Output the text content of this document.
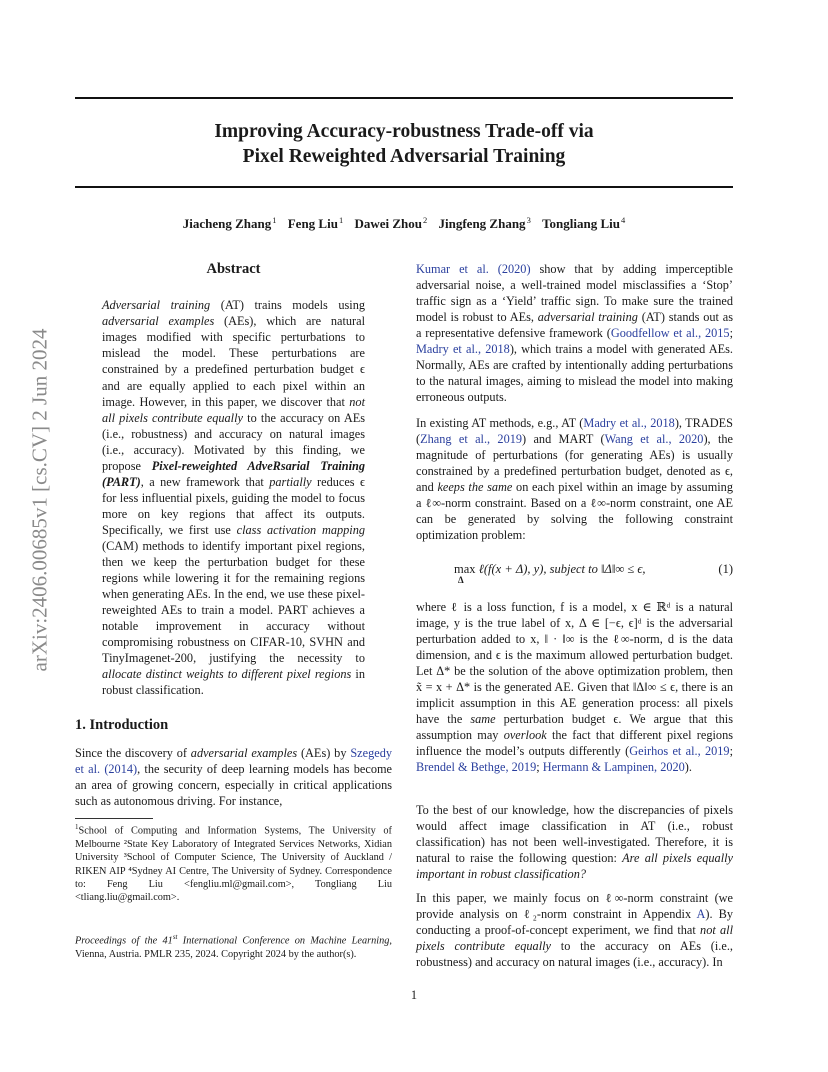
arXiv:2406.00685v1 [cs.CV] 2 Jun 2024
Improving Accuracy-robustness Trade-off via
Pixel Reweighted Adversarial Training
Jiacheng Zhang$^1$ Feng Liu$^1$ Dawei Zhou$^2$ Jingfeng Zhang$^3$ Tongliang Liu$^4$
Abstract

Adversarial training (AT) trains models using adversarial examples (AEs), which are natural images modified with specific perturbations to mislead the model. These perturbations are constrained by a predefined perturbation budget ϵ and are equally applied to each pixel within an image. However, in this paper, we discover that not all pixels contribute equally to the accuracy on AEs (i.e., robustness) and accuracy on natural images (i.e., accuracy). Motivated by this finding, we propose Pixel-reweighted AdveRsarial Training (PART), a new framework that partially reduces ϵ for less influential pixels, guiding the model to focus more on key regions that affect its outputs. Specifically, we first use class activation mapping (CAM) methods to identify important pixel regions, then we keep the perturbation budget for these regions while lowering it for the remaining regions when generating AEs. In the end, we use these pixel-reweighted AEs to train a model. PART achieves a notable improvement in accuracy without compromising robustness on CIFAR-10, SVHN and TinyImagenet-200, justifying the necessity to allocate distinct weights to different pixel regions in robust classification.

1. Introduction

Since the discovery of adversarial examples (AEs) by Szegedy et al. (2014), the security of deep learning models has become an area of growing concern, especially in critical applications such as autonomous driving. For instance,

$^1$School of Computing and Information Systems, The University of Melbourne ²State Key Laboratory of Integrated Services Networks, Xidian University ³School of Computer Science, The University of Auckland / RIKEN AIP ⁴Sydney AI Centre, The University of Sydney. Correspondence to: Feng Liu <fengliu.ml@gmail.com>, Tongliang Liu <tliang.liu@gmail.com>.
Proceedings of the 41st International Conference on Machine Learning, Vienna, Austria. PMLR 235, 2024. Copyright 2024 by the author(s).

Kumar et al. (2020) show that by adding imperceptible adversarial noise, a well-trained model misclassifies a ‘Stop’ traffic sign as a ‘Yield’ traffic sign. To make sure the trained model is robust to AEs, adversarial training (AT) stands out as a representative defensive framework (Goodfellow et al., 2015; Madry et al., 2018), which trains a model with generated AEs. Normally, AEs are crafted by intentionally adding perturbations to the natural images, aiming to mislead the model into making erroneous outputs.

In existing AT methods, e.g., AT (Madry et al., 2018), TRADES (Zhang et al., 2019) and MART (Wang et al., 2020), the magnitude of perturbations (for generating AEs) is usually constrained by a predefined perturbation budget, denoted as ϵ, and keeps the same on each pixel within an image by assuming a ℓ∞-norm constraint. Based on a ℓ∞-norm constraint, one AE can be generated by solving the following constraint optimization problem:

max
Δ
ℓ(f(x + Δ), y), subject to ‖Δ‖∞ ≤ ϵ,	(1)

where ℓ is a loss function, f is a model, x ∈ ℝᵈ is a natural image, y is the true label of x, Δ ∈ [−ϵ, ϵ]ᵈ is the adversarial perturbation added to x, ‖ · ‖∞ is the ℓ∞-norm, d is the data dimension, and ϵ is the maximum allowed perturbation budget. Let Δ* be the solution of the above optimization problem, then x̃ = x + Δ* is the generated AE. Given that ‖Δ‖∞ ≤ ϵ, there is an implicit assumption in this AE generation process: all pixels have the same perturbation budget ϵ. We argue that this assumption may overlook the fact that different pixel regions influence the model’s outputs differently (Geirhos et al., 2019; Brendel & Bethge, 2019; Hermann & Lampinen, 2020).

To the best of our knowledge, how the discrepancies of pixels would affect image classification in AT (i.e., robust classification) has not been well-investigated. Therefore, it is natural to raise the following question: Are all pixels equally important in robust classification?

In this paper, we mainly focus on ℓ∞-norm constraint (we provide analysis on ℓ₂-norm constraint in Appendix A). By conducting a proof-of-concept experiment, we find that not all pixels contribute equally to the accuracy on AEs (i.e., robustness) and accuracy on natural images (i.e., accuracy). In

1
